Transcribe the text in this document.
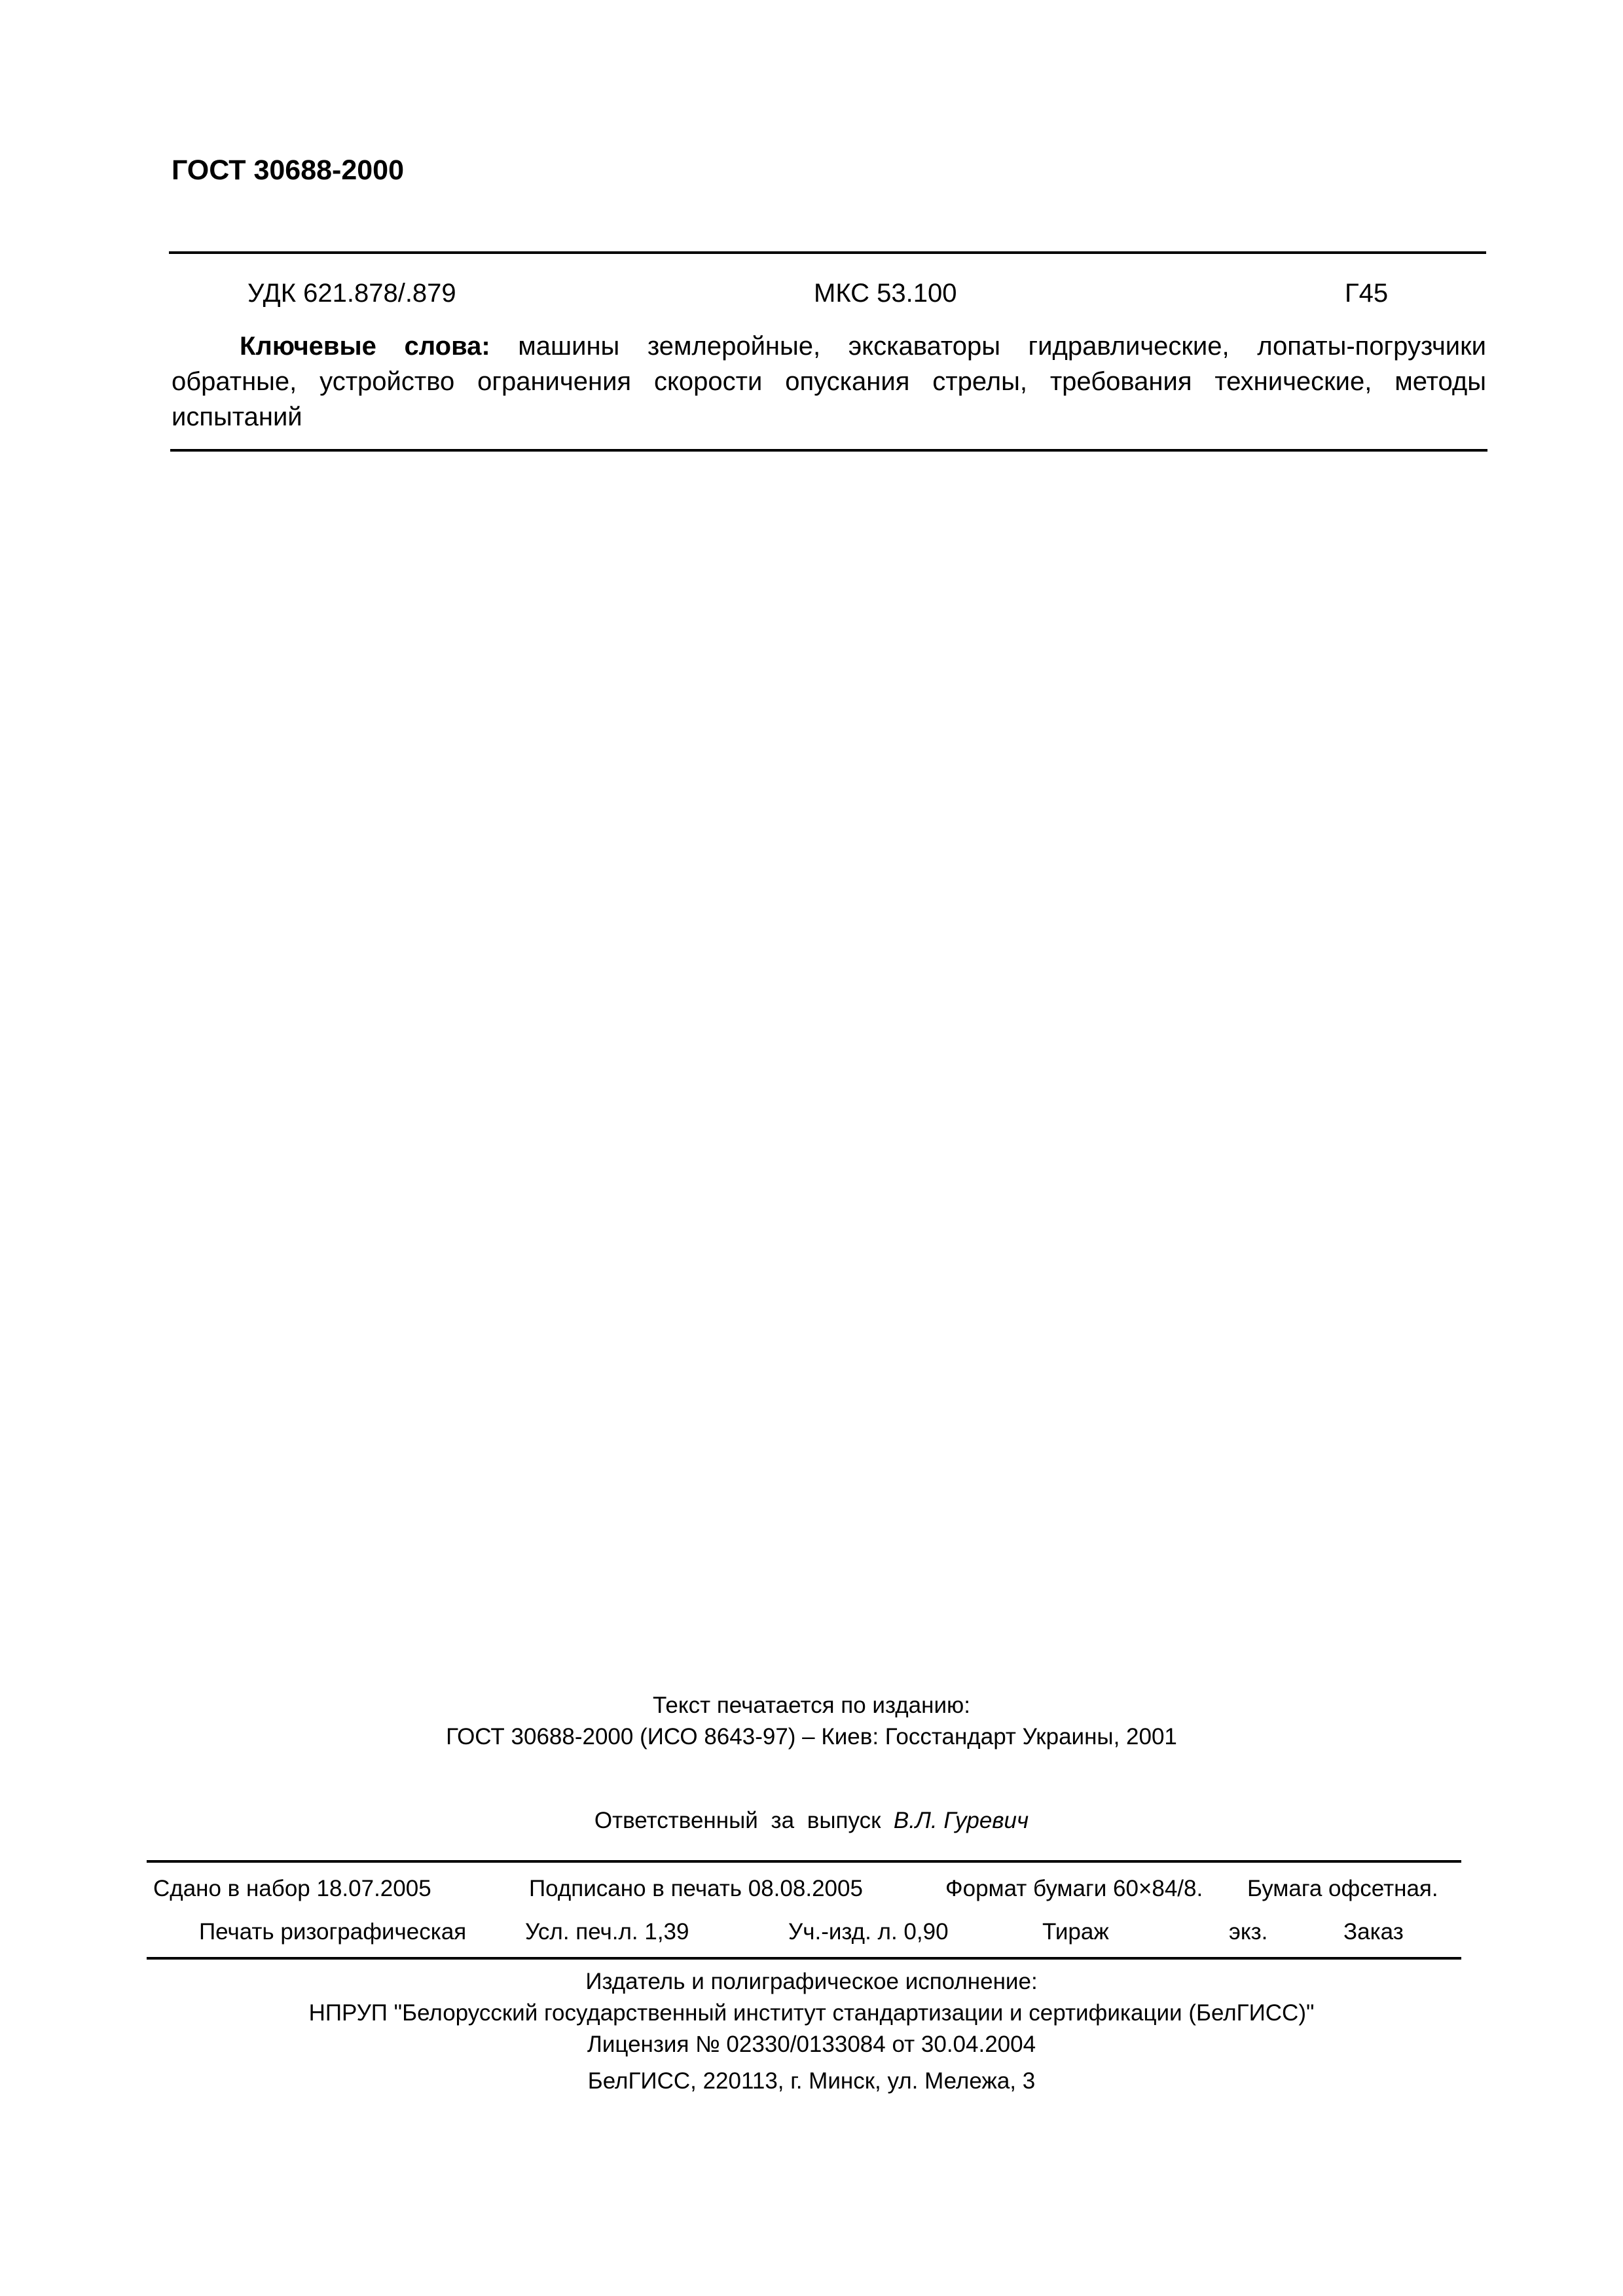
ГОСТ 30688-2000
УДК 621.878/.879	МКС 53.100	Г45
Ключевые слова: машины землеройные, экскаваторы гидравлические, лопаты-погрузчики обратные, устройство ограничения скорости опускания стрелы, требования технические, методы испытаний
Текст печатается по изданию:
ГОСТ 30688-2000 (ИСО 8643-97) – Киев: Госстандарт Украины, 2001
Ответственный за выпуск В.Л. Гуревич
Сдано в набор 18.07.2005	Подписано в печать 08.08.2005	Формат бумаги 60×84/8. Бумага офсетная.
Печать ризографическая	Усл. печ.л. 1,39	Уч.-изд. л. 0,90	Тираж	экз.	Заказ
Издатель и полиграфическое исполнение:
НПРУП "Белорусский государственный институт стандартизации и сертификации (БелГИСС)"
Лицензия № 02330/0133084 от 30.04.2004
БелГИСС, 220113, г. Минск, ул. Мележа, 3
